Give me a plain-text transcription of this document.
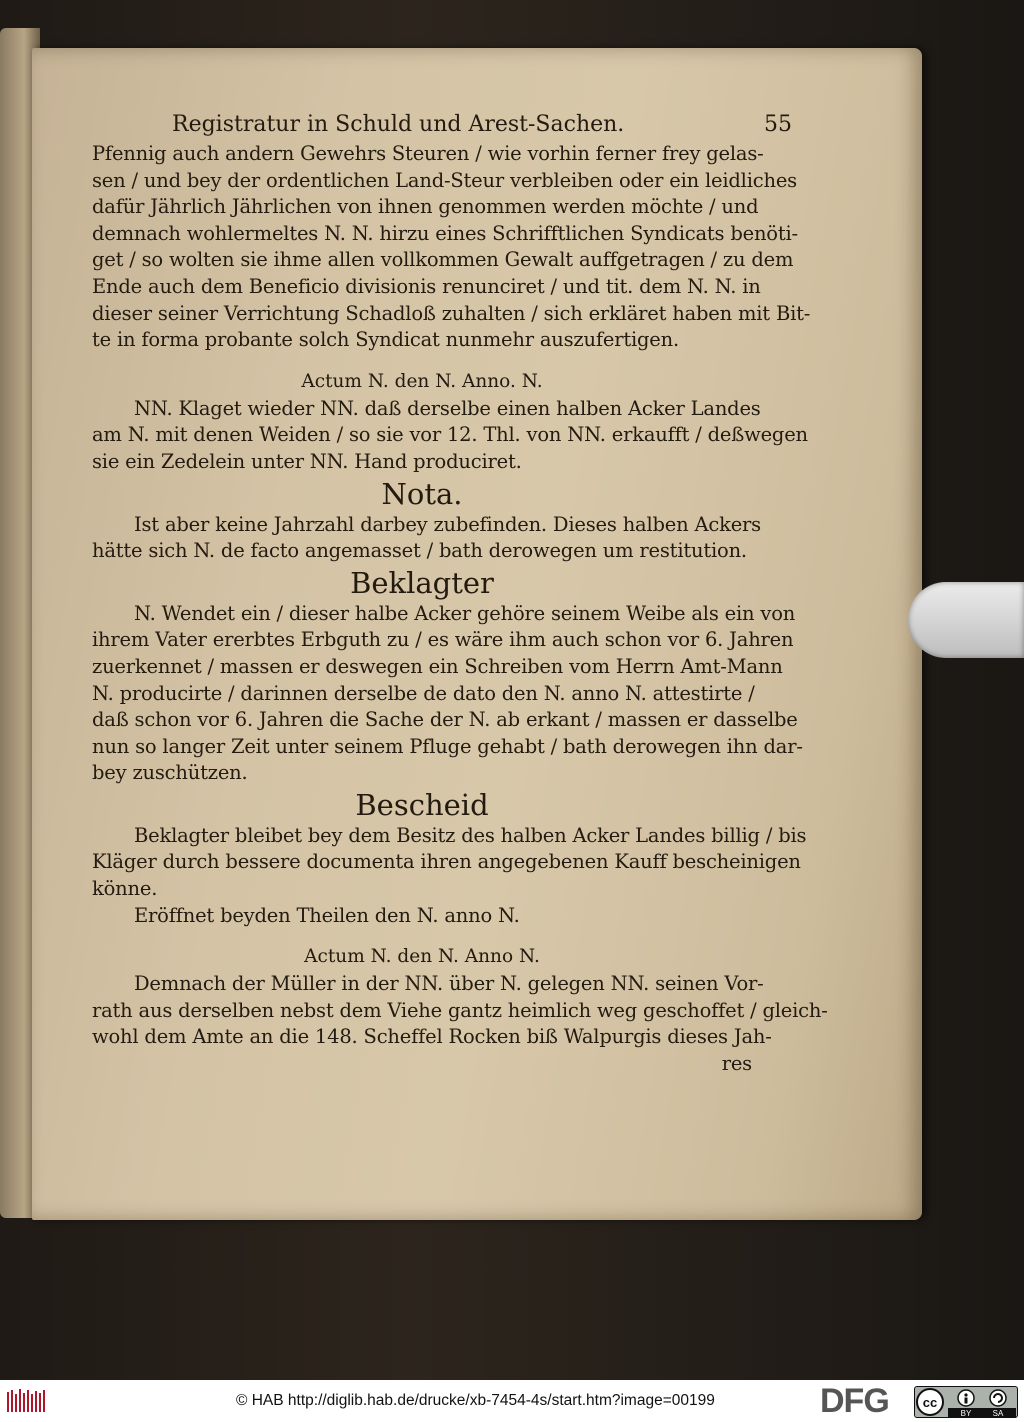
Registratur in Schuld und Arest-Sachen.	55
Pfennig auch andern Gewehrs Steuren / wie vorhin ferner frey gelas-
sen / und bey der ordentlichen Land-Steur verbleiben oder ein leidliches
dafür Jährlich Jährlichen von ihnen genommen werden möchte / und
demnach wohlermeltes N. N. hirzu eines Schrifftlichen Syndicats benöti-
get / so wolten sie ihme allen vollkommen Gewalt auffgetragen / zu dem
Ende auch dem Beneficio divisionis renunciret / und tit. dem N. N. in
dieser seiner Verrichtung Schadloß zuhalten / sich erkläret haben mit Bit-
te in forma probante solch Syndicat nunmehr auszufertigen.
Actum N. den N. Anno. N.
NN. Klaget wieder NN. daß derselbe einen halben Acker Landes
am N. mit denen Weiden / so sie vor 12. Thl. von NN. erkaufft / deßwegen
sie ein Zedelein unter NN. Hand produciret.
Nota.
Ist aber keine Jahrzahl darbey zubefinden. Dieses halben Ackers
hätte sich N. de facto angemasset / bath derowegen um restitution.
Beklagter
N. Wendet ein / dieser halbe Acker gehöre seinem Weibe als ein von
ihrem Vater ererbtes Erbguth zu / es wäre ihm auch schon vor 6. Jahren
zuerkennet / massen er deswegen ein Schreiben vom Herrn Amt-Mann
N. producirte / darinnen derselbe de dato den N. anno N. attestirte /
daß schon vor 6. Jahren die Sache der N. ab erkant / massen er dasselbe
nun so langer Zeit unter seinem Pfluge gehabt / bath derowegen ihn dar-
bey zuschützen.
Bescheid
Beklagter bleibet bey dem Besitz des halben Acker Landes billig / bis
Kläger durch bessere documenta ihren angegebenen Kauff bescheinigen
könne.
Eröffnet beyden Theilen den N. anno N.
Actum N. den N. Anno N.
Demnach der Müller in der NN. über N. gelegen NN. seinen Vor-
rath aus derselben nebst dem Viehe gantz heimlich weg geschoffet / gleich-
wohl dem Amte an die 148. Scheffel Rocken biß Walpurgis dieses Jah-
res
© HAB http://diglib.hab.de/drucke/xb-7454-4s/start.htm?image=00199	DFG	cc
BY	SA
